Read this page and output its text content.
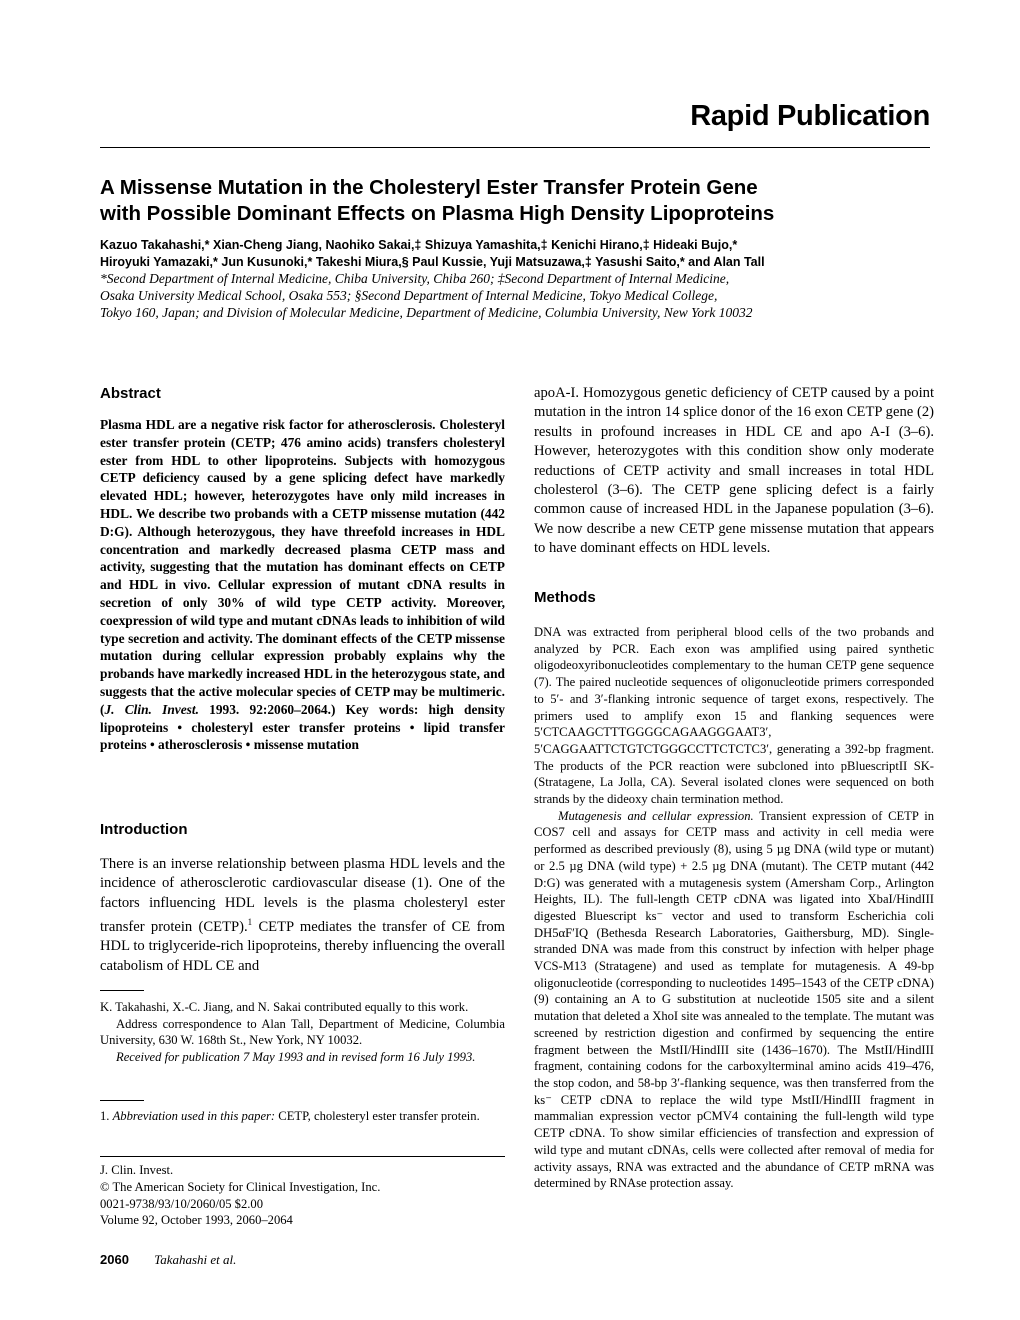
Rapid Publication
A Missense Mutation in the Cholesteryl Ester Transfer Protein Gene
with Possible Dominant Effects on Plasma High Density Lipoproteins
Kazuo Takahashi,* Xian-Cheng Jiang, Naohiko Sakai,‡ Shizuya Yamashita,‡ Kenichi Hirano,‡ Hideaki Bujo,*
Hiroyuki Yamazaki,* Jun Kusunoki,* Takeshi Miura,§ Paul Kussie, Yuji Matsuzawa,‡ Yasushi Saito,* and Alan Tall
*Second Department of Internal Medicine, Chiba University, Chiba 260; ‡Second Department of Internal Medicine,
Osaka University Medical School, Osaka 553; §Second Department of Internal Medicine, Tokyo Medical College,
Tokyo 160, Japan; and Division of Molecular Medicine, Department of Medicine, Columbia University, New York 10032
Abstract

Plasma HDL are a negative risk factor for atherosclerosis. Cholesteryl ester transfer protein (CETP; 476 amino acids) transfers cholesteryl ester from HDL to other lipoproteins. Subjects with homozygous CETP deficiency caused by a gene splicing defect have markedly elevated HDL; however, heterozygotes have only mild increases in HDL. We describe two probands with a CETP missense mutation (442 D:G). Although heterozygous, they have threefold increases in HDL concentration and markedly decreased plasma CETP mass and activity, suggesting that the mutation has dominant effects on CETP and HDL in vivo. Cellular expression of mutant cDNA results in secretion of only 30% of wild type CETP activity. Moreover, coexpression of wild type and mutant cDNAs leads to inhibition of wild type secretion and activity. The dominant effects of the CETP missense mutation during cellular expression probably explains why the probands have markedly increased HDL in the heterozygous state, and suggests that the active molecular species of CETP may be multimeric. (J. Clin. Invest. 1993. 92:2060–2064.) Key words: high density lipoproteins • cholesteryl ester transfer proteins • lipid transfer proteins • atherosclerosis • missense mutation

Introduction

There is an inverse relationship between plasma HDL levels and the incidence of atherosclerotic cardiovascular disease (1). One of the factors influencing HDL levels is the plasma cholesteryl ester transfer protein (CETP).$^1$ CETP mediates the transfer of CE from HDL to triglyceride-rich lipoproteins, thereby influencing the overall catabolism of HDL CE and

K. Takahashi, X.-C. Jiang, and N. Sakai contributed equally to this work.

Address correspondence to Alan Tall, Department of Medicine, Columbia University, 630 W. 168th St., New York, NY 10032.

Received for publication 7 May 1993 and in revised form 16 July 1993.

1. Abbreviation used in this paper: CETP, cholesteryl ester transfer protein.

J. Clin. Invest.
© The American Society for Clinical Investigation, Inc.
0021-9738/93/10/2060/05 $2.00
Volume 92, October 1993, 2060–2064

apoA-I. Homozygous genetic deficiency of CETP caused by a point mutation in the intron 14 splice donor of the 16 exon CETP gene (2) results in profound increases in HDL CE and apo A-I (3–6). However, heterozygotes with this condition show only moderate reductions of CETP activity and small increases in total HDL cholesterol (3–6). The CETP gene splicing defect is a fairly common cause of increased HDL in the Japanese population (3–6). We now describe a new CETP gene missense mutation that appears to have dominant effects on HDL levels.

Methods

DNA was extracted from peripheral blood cells of the two probands and analyzed by PCR. Each exon was amplified using paired synthetic oligodeoxyribonucleotides complementary to the human CETP gene sequence (7). The paired nucleotide sequences of oligonucleotide primers corresponded to 5′- and 3′-flanking intronic sequence of target exons, respectively. The primers used to amplify exon 15 and flanking sequences were 5′CTCAAGCTTTGGGGCAGAAGGGAAT3′, 5′CAGGAATTCTGTCTGGGCCTTCTCTC3′, generating a 392-bp fragment. The products of the PCR reaction were subcloned into pBluescriptII SK- (Stratagene, La Jolla, CA). Several isolated clones were sequenced on both strands by the dideoxy chain termination method.

Mutagenesis and cellular expression. Transient expression of CETP in COS7 cell and assays for CETP mass and activity in cell media were performed as described previously (8), using 5 µg DNA (wild type or mutant) or 2.5 µg DNA (wild type) + 2.5 µg DNA (mutant). The CETP mutant (442 D:G) was generated with a mutagenesis system (Amersham Corp., Arlington Heights, IL). The full-length CETP cDNA was ligated into XbaI/HindIII digested Bluescript ks⁻ vector and used to transform Escherichia coli DH5αF′IQ (Bethesda Research Laboratories, Gaithersburg, MD). Single-stranded DNA was made from this construct by infection with helper phage VCS-M13 (Stratagene) and used as template for mutagenesis. A 49-bp oligonucleotide (corresponding to nucleotides 1495–1543 of the CETP cDNA) (9) containing an A to G substitution at nucleotide 1505 site and a silent mutation that deleted a XhoI site was annealed to the template. The mutant was screened by restriction digestion and confirmed by sequencing the entire fragment between the MstII/HindIII site (1436–1670). The MstII/HindIII fragment, containing codons for the carboxylterminal amino acids 419–476, the stop codon, and 58-bp 3′-flanking sequence, was then transferred from the ks⁻ CETP cDNA to replace the wild type MstII/HindIII fragment in mammalian expression vector pCMV4 containing the full-length wild type CETP cDNA. To show similar efficiencies of transfection and expression of wild type and mutant cDNAs, cells were collected after removal of media for activity assays, RNA was extracted and the abundance of CETP mRNA was determined by RNAse protection assay.

2060 Takahashi et al.
